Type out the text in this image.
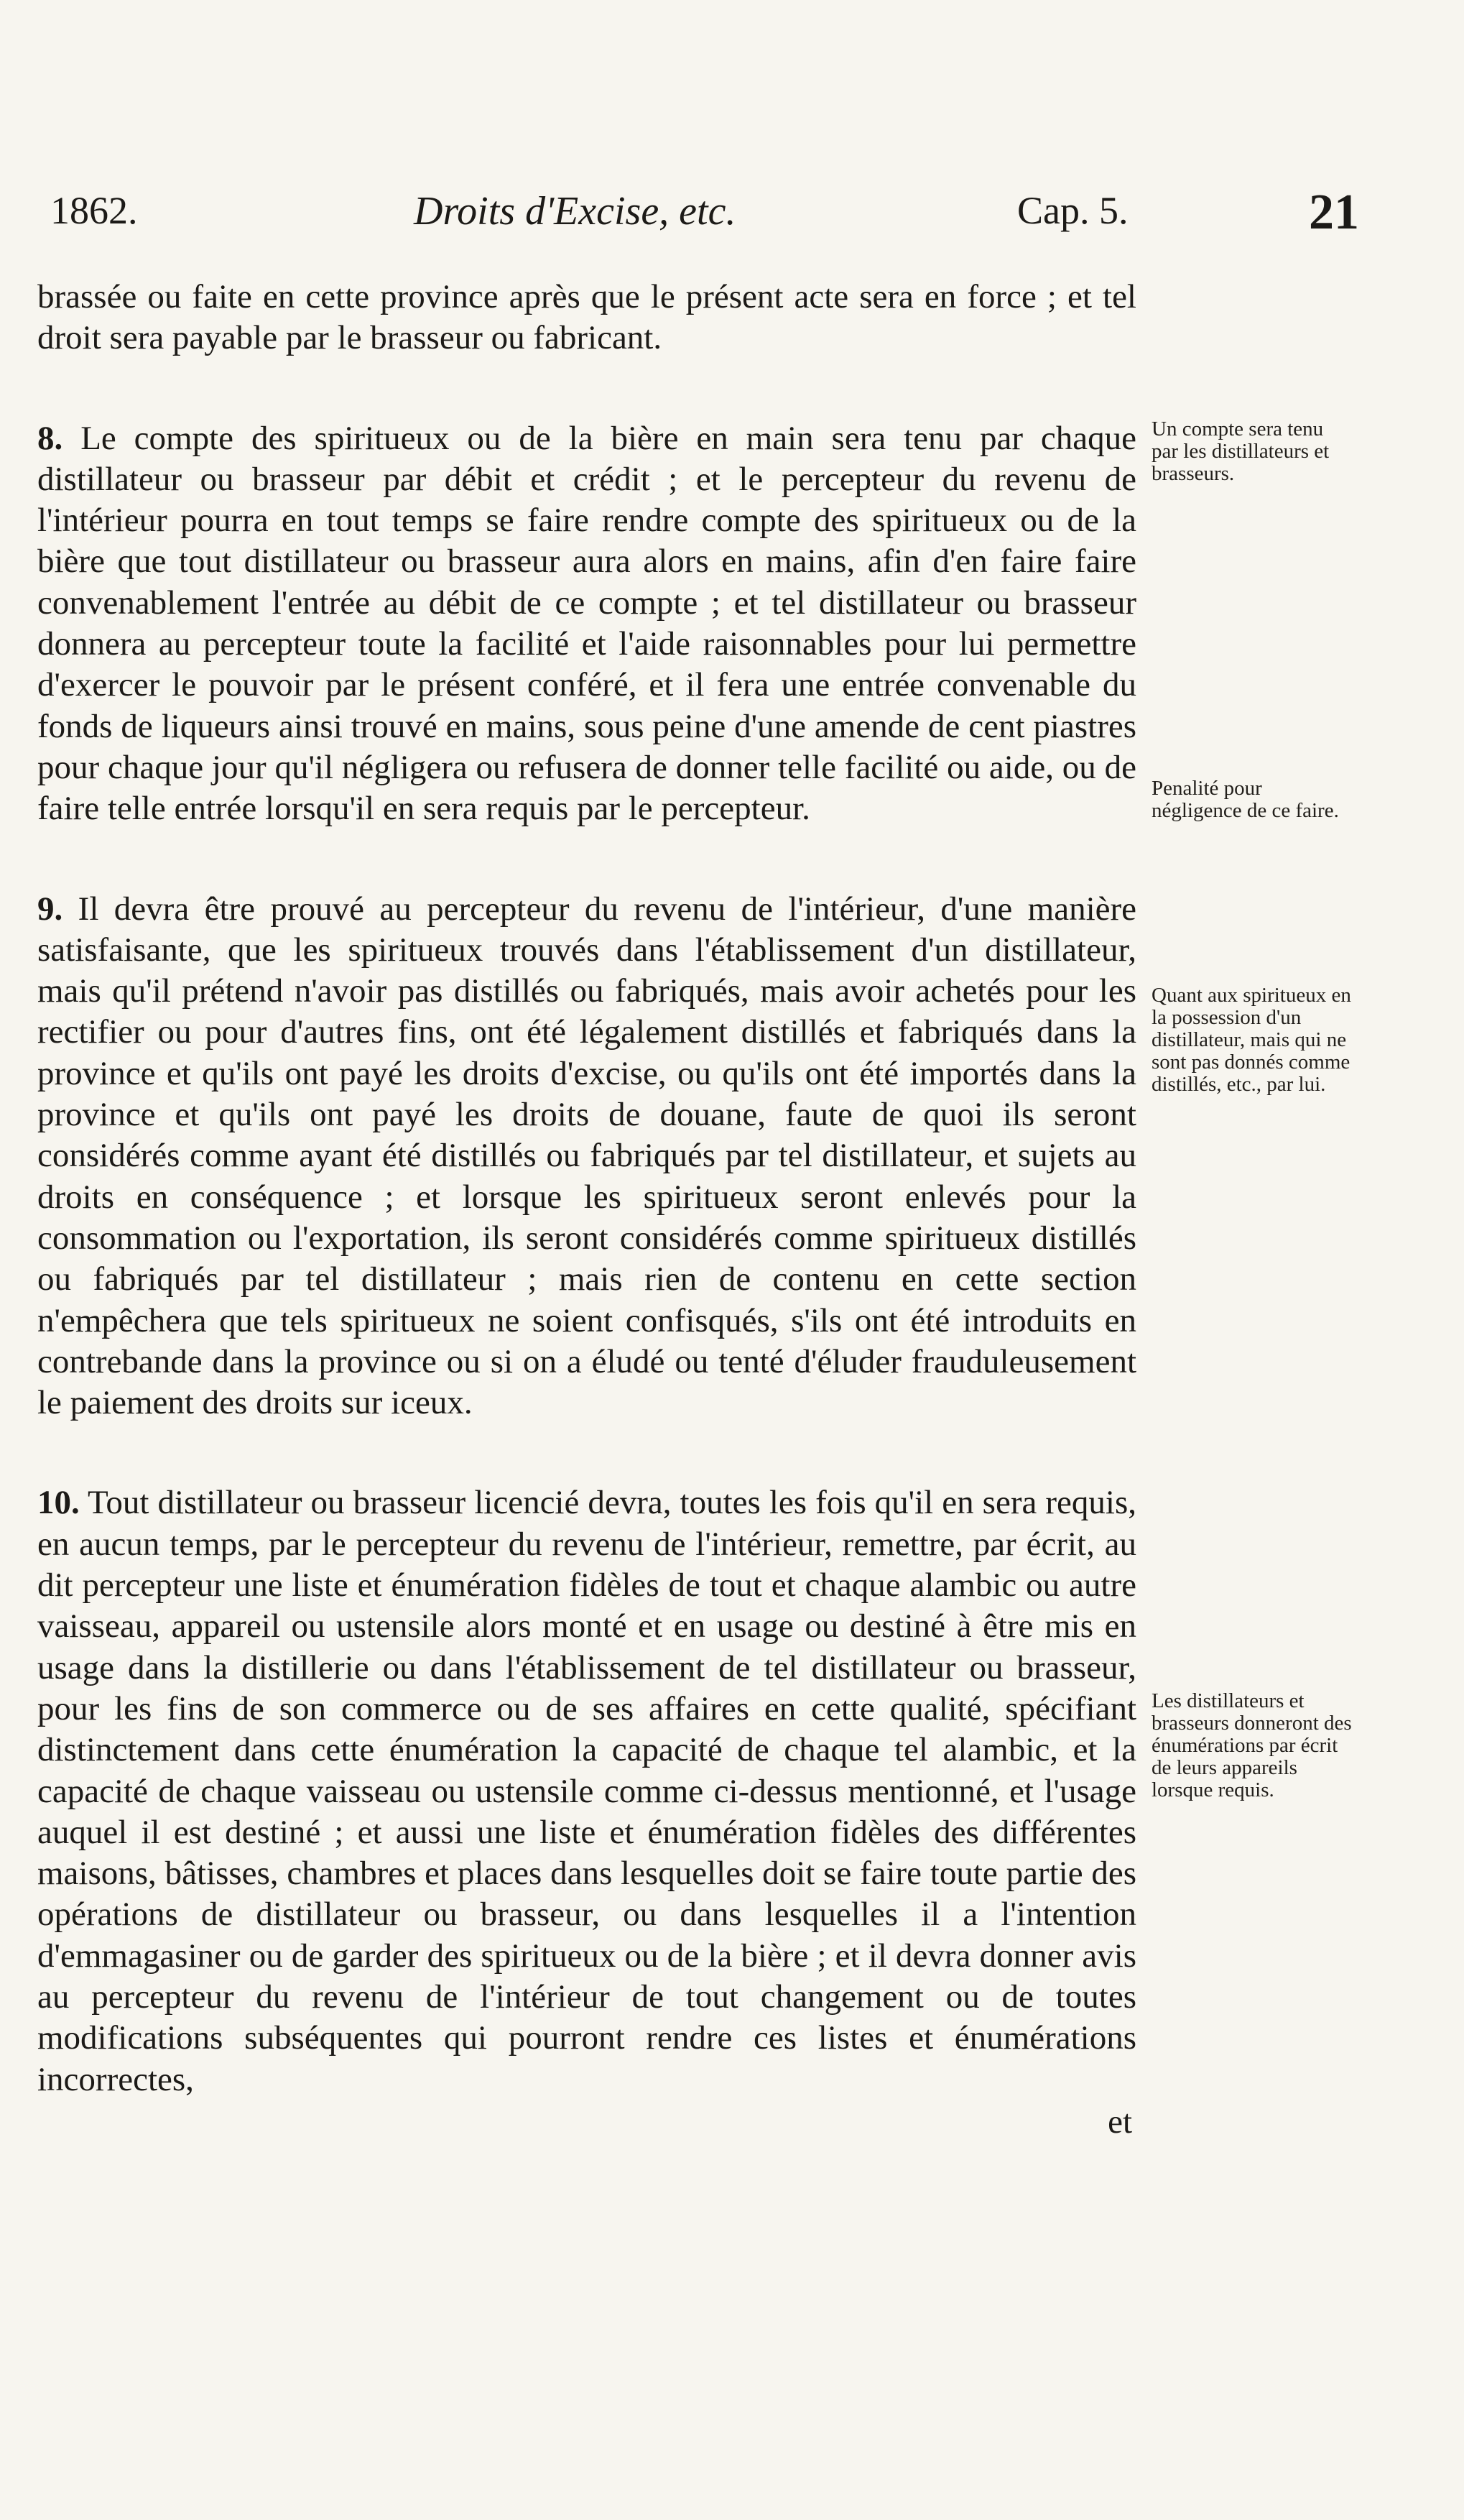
1862.	Droits d'Excise, etc.	Cap. 5.	21

brassée ou faite en cette province après que le présent acte sera en force ; et tel droit sera payable par le brasseur ou fabricant.

8. Le compte des spiritueux ou de la bière en main sera tenu par chaque distillateur ou brasseur par débit et crédit ; et le percepteur du revenu de l'intérieur pourra en tout temps se faire rendre compte des spiritueux ou de la bière que tout distillateur ou brasseur aura alors en mains, afin d'en faire faire convenablement l'entrée au débit de ce compte ; et tel distillateur ou brasseur donnera au percepteur toute la facilité et l'aide raisonnables pour lui permettre d'exercer le pouvoir par le présent conféré, et il fera une entrée convenable du fonds de liqueurs ainsi trouvé en mains, sous peine d'une amende de cent piastres pour chaque jour qu'il négligera ou refusera de donner telle facilité ou aide, ou de faire telle entrée lorsqu'il en sera requis par le percepteur.

9. Il devra être prouvé au percepteur du revenu de l'intérieur, d'une manière satisfaisante, que les spiritueux trouvés dans l'établissement d'un distillateur, mais qu'il prétend n'avoir pas distillés ou fabriqués, mais avoir achetés pour les rectifier ou pour d'autres fins, ont été légalement distillés et fabriqués dans la province et qu'ils ont payé les droits d'excise, ou qu'ils ont été importés dans la province et qu'ils ont payé les droits de douane, faute de quoi ils seront considérés comme ayant été distillés ou fabriqués par tel distillateur, et sujets au droits en conséquence ; et lorsque les spiritueux seront enlevés pour la consommation ou l'exportation, ils seront considérés comme spiritueux distillés ou fabriqués par tel distillateur ; mais rien de contenu en cette section n'empêchera que tels spiritueux ne soient confisqués, s'ils ont été introduits en contrebande dans la province ou si on a éludé ou tenté d'éluder frauduleusement le paiement des droits sur iceux.

10. Tout distillateur ou brasseur licencié devra, toutes les fois qu'il en sera requis, en aucun temps, par le percepteur du revenu de l'intérieur, remettre, par écrit, au dit percepteur une liste et énumération fidèles de tout et chaque alambic ou autre vaisseau, appareil ou ustensile alors monté et en usage ou destiné à être mis en usage dans la distillerie ou dans l'établissement de tel distillateur ou brasseur, pour les fins de son commerce ou de ses affaires en cette qualité, spécifiant distinctement dans cette énumération la capacité de chaque tel alambic, et la capacité de chaque vaisseau ou ustensile comme ci-dessus mentionné, et l'usage auquel il est destiné ; et aussi une liste et énumération fidèles des différentes maisons, bâtisses, chambres et places dans lesquelles doit se faire toute partie des opérations de distillateur ou brasseur, ou dans lesquelles il a l'intention d'emmagasiner ou de garder des spiritueux ou de la bière ; et il devra donner avis au percepteur du revenu de l'intérieur de tout changement ou de toutes modifications subséquentes qui pourront rendre ces listes et énumérations incorrectes,

et
Un compte sera tenu par les distillateurs et brasseurs.
Penalité pour négligence de ce faire.
Quant aux spiritueux en la possession d'un distillateur, mais qui ne sont pas donnés comme distillés, etc., par lui.
Les distillateurs et brasseurs donneront des énumérations par écrit de leurs appareils lorsque requis.
